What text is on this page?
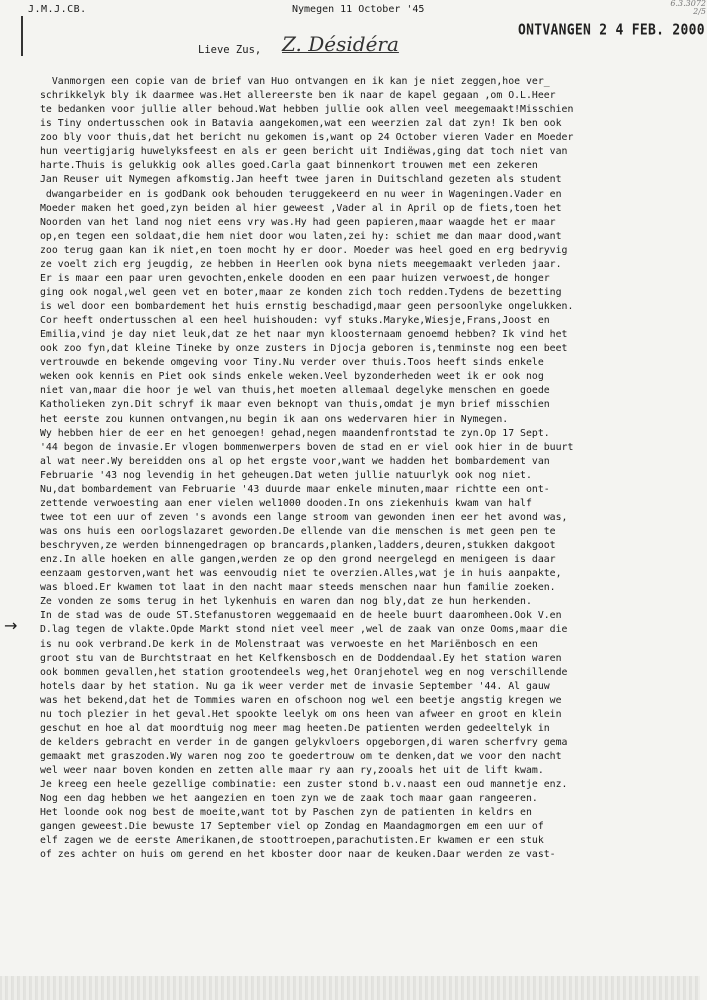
J.M.J.CB.	Nymegen 11 October '45
6.3.3072
2/5
ONTVANGEN 2 4 FEB. 2000
Lieve Zus, Z. Désidéra
→
Vanmorgen een copie van de brief van Huo ontvangen en ik kan je niet zeggen,hoe ver_
schrikkelyk bly ik daarmee was.Het allereerste ben ik naar de kapel gegaan ,om O.L.Heer
te bedanken voor jullie aller behoud.Wat hebben jullie ook allen veel meegemaakt!Misschien
is Tiny ondertusschen ook in Batavia aangekomen,wat een weerzien zal dat zyn! Ik ben ook
zoo bly voor thuis,dat het bericht nu gekomen is,want op 24 October vieren Vader en Moeder
hun veertigjarig huwelyksfeest en als er geen bericht uit Indiëwas,ging dat toch niet van
harte.Thuis is gelukkig ook alles goed.Carla gaat binnenkort trouwen met een zekeren
Jan Reuser uit Nymegen afkomstig.Jan heeft twee jaren in Duitschland gezeten als student
dwangarbeider en is godDank ook behouden teruggekeerd en nu weer in Wageningen.Vader en
Moeder maken het goed,zyn beiden al hier geweest ,Vader al in April op de fiets,toen het
Noorden van het land nog niet eens vry was.Hy had geen papieren,maar waagde het er maar
op,en tegen een soldaat,die hem niet door wou laten,zei hy: schiet me dan maar dood,want
zoo terug gaan kan ik niet,en toen mocht hy er door. Moeder was heel goed en erg bedryvig
ze voelt zich erg jeugdig, ze hebben in Heerlen ook byna niets meegemaakt verleden jaar.
Er is maar een paar uren gevochten,enkele dooden en een paar huizen verwoest,de honger
ging ook nogal,wel geen vet en boter,maar ze konden zich toch redden.Tydens de bezetting
is wel door een bombardement het huis ernstig beschadigd,maar geen persoonlyke ongelukken.
Cor heeft ondertusschen al een heel huishouden: vyf stuks.Maryke,Wiesje,Frans,Joost en
Emilia,vind je day niet leuk,dat ze het naar myn kloosternaam genoemd hebben? Ik vind het
ook zoo fyn,dat kleine Tineke by onze zusters in Djocja geboren is,tenminste nog een beet
vertrouwde en bekende omgeving voor Tiny.Nu verder over thuis.Toos heeft sinds enkele
weken ook kennis en Piet ook sinds enkele weken.Veel byzonderheden weet ik er ook nog
niet van,maar die hoor je wel van thuis,het moeten allemaal degelyke menschen en goede
Katholieken zyn.Dit schryf ik maar even beknopt van thuis,omdat je myn brief misschien
het eerste zou kunnen ontvangen,nu begin ik aan ons wedervaren hier in Nymegen.
Wy hebben hier de eer en het genoegen! gehad,negen maandenfrontstad te zyn.Op 17 Sept.
'44 begon de invasie.Er vlogen bommenwerpers boven de stad en er viel ook hier in de buurt
al wat neer.Wy bereidden ons al op het ergste voor,want we hadden het bombardement van
Februarie '43 nog levendig in het geheugen.Dat weten jullie natuurlyk ook nog niet.
Nu,dat bombardement van Februarie '43 duurde maar enkele minuten,maar richtte een ont-
zettende verwoesting aan ener vielen wel1000 dooden.In ons ziekenhuis kwam van half
twee tot een uur of zeven 's avonds een lange stroom van gewonden inen eer het avond was,
was ons huis een oorlogslazaret geworden.De ellende van die menschen is met geen pen te
beschryven,ze werden binnengedragen op brancards,planken,ladders,deuren,stukken dakgoot
enz.In alle hoeken en alle gangen,werden ze op den grond neergelegd en menigeen is daar
eenzaam gestorven,want het was eenvoudig niet te overzien.Alles,wat je in huis aanpakte,
was bloed.Er kwamen tot laat in den nacht maar steeds menschen naar hun familie zoeken.
Ze vonden ze soms terug in het lykenhuis en waren dan nog bly,dat ze hun herkenden.
In de stad was de oude ST.Stefanustoren weggemaaid en de heele buurt daaromheen.Ook V.en
D.lag tegen de vlakte.Opde Markt stond niet veel meer ,wel de zaak van onze Ooms,maar die
is nu ook verbrand.De kerk in de Molenstraat was verwoeste en het Mariënbosch en een
groot stu van de Burchtstraat en het Kelfkensbosch en de Doddendaal.Ey het station waren
ook bommen gevallen,het station grootendeels weg,het Oranjehotel weg en nog verschillende
hotels daar by het station. Nu ga ik weer verder met de invasie September '44. Al gauw
was het bekend,dat het de Tommies waren en ofschoon nog wel een beetje angstig kregen we
nu toch plezier in het geval.Het spookte leelyk om ons heen van afweer en groot en klein
geschut en hoe al dat moordtuig nog meer mag heeten.De patienten werden gedeeltelyk in
de kelders gebracht en verder in de gangen gelykvloers opgeborgen,di waren scherfvry gema
gemaakt met graszoden.Wy waren nog zoo te goedertrouw om te denken,dat we voor den nacht
wel weer naar boven konden en zetten alle maar ry aan ry,zooals het uit de lift kwam.
Je kreeg een heele gezellige combinatie: een zuster stond b.v.naast een oud mannetje enz.
Nog een dag hebben we het aangezien en toen zyn we de zaak toch maar gaan rangeeren.
Het loonde ook nog best de moeite,want tot by Paschen zyn de patienten in keldrs en
gangen geweest.Die bewuste 17 September viel op Zondag en Maandagmorgen em een uur of
elf zagen we de eerste Amerikanen,de stoottroepen,parachutisten.Er kwamen er een stuk
of zes achter on huis om gerend en het kboster door naar de keuken.Daar werden ze vast-
